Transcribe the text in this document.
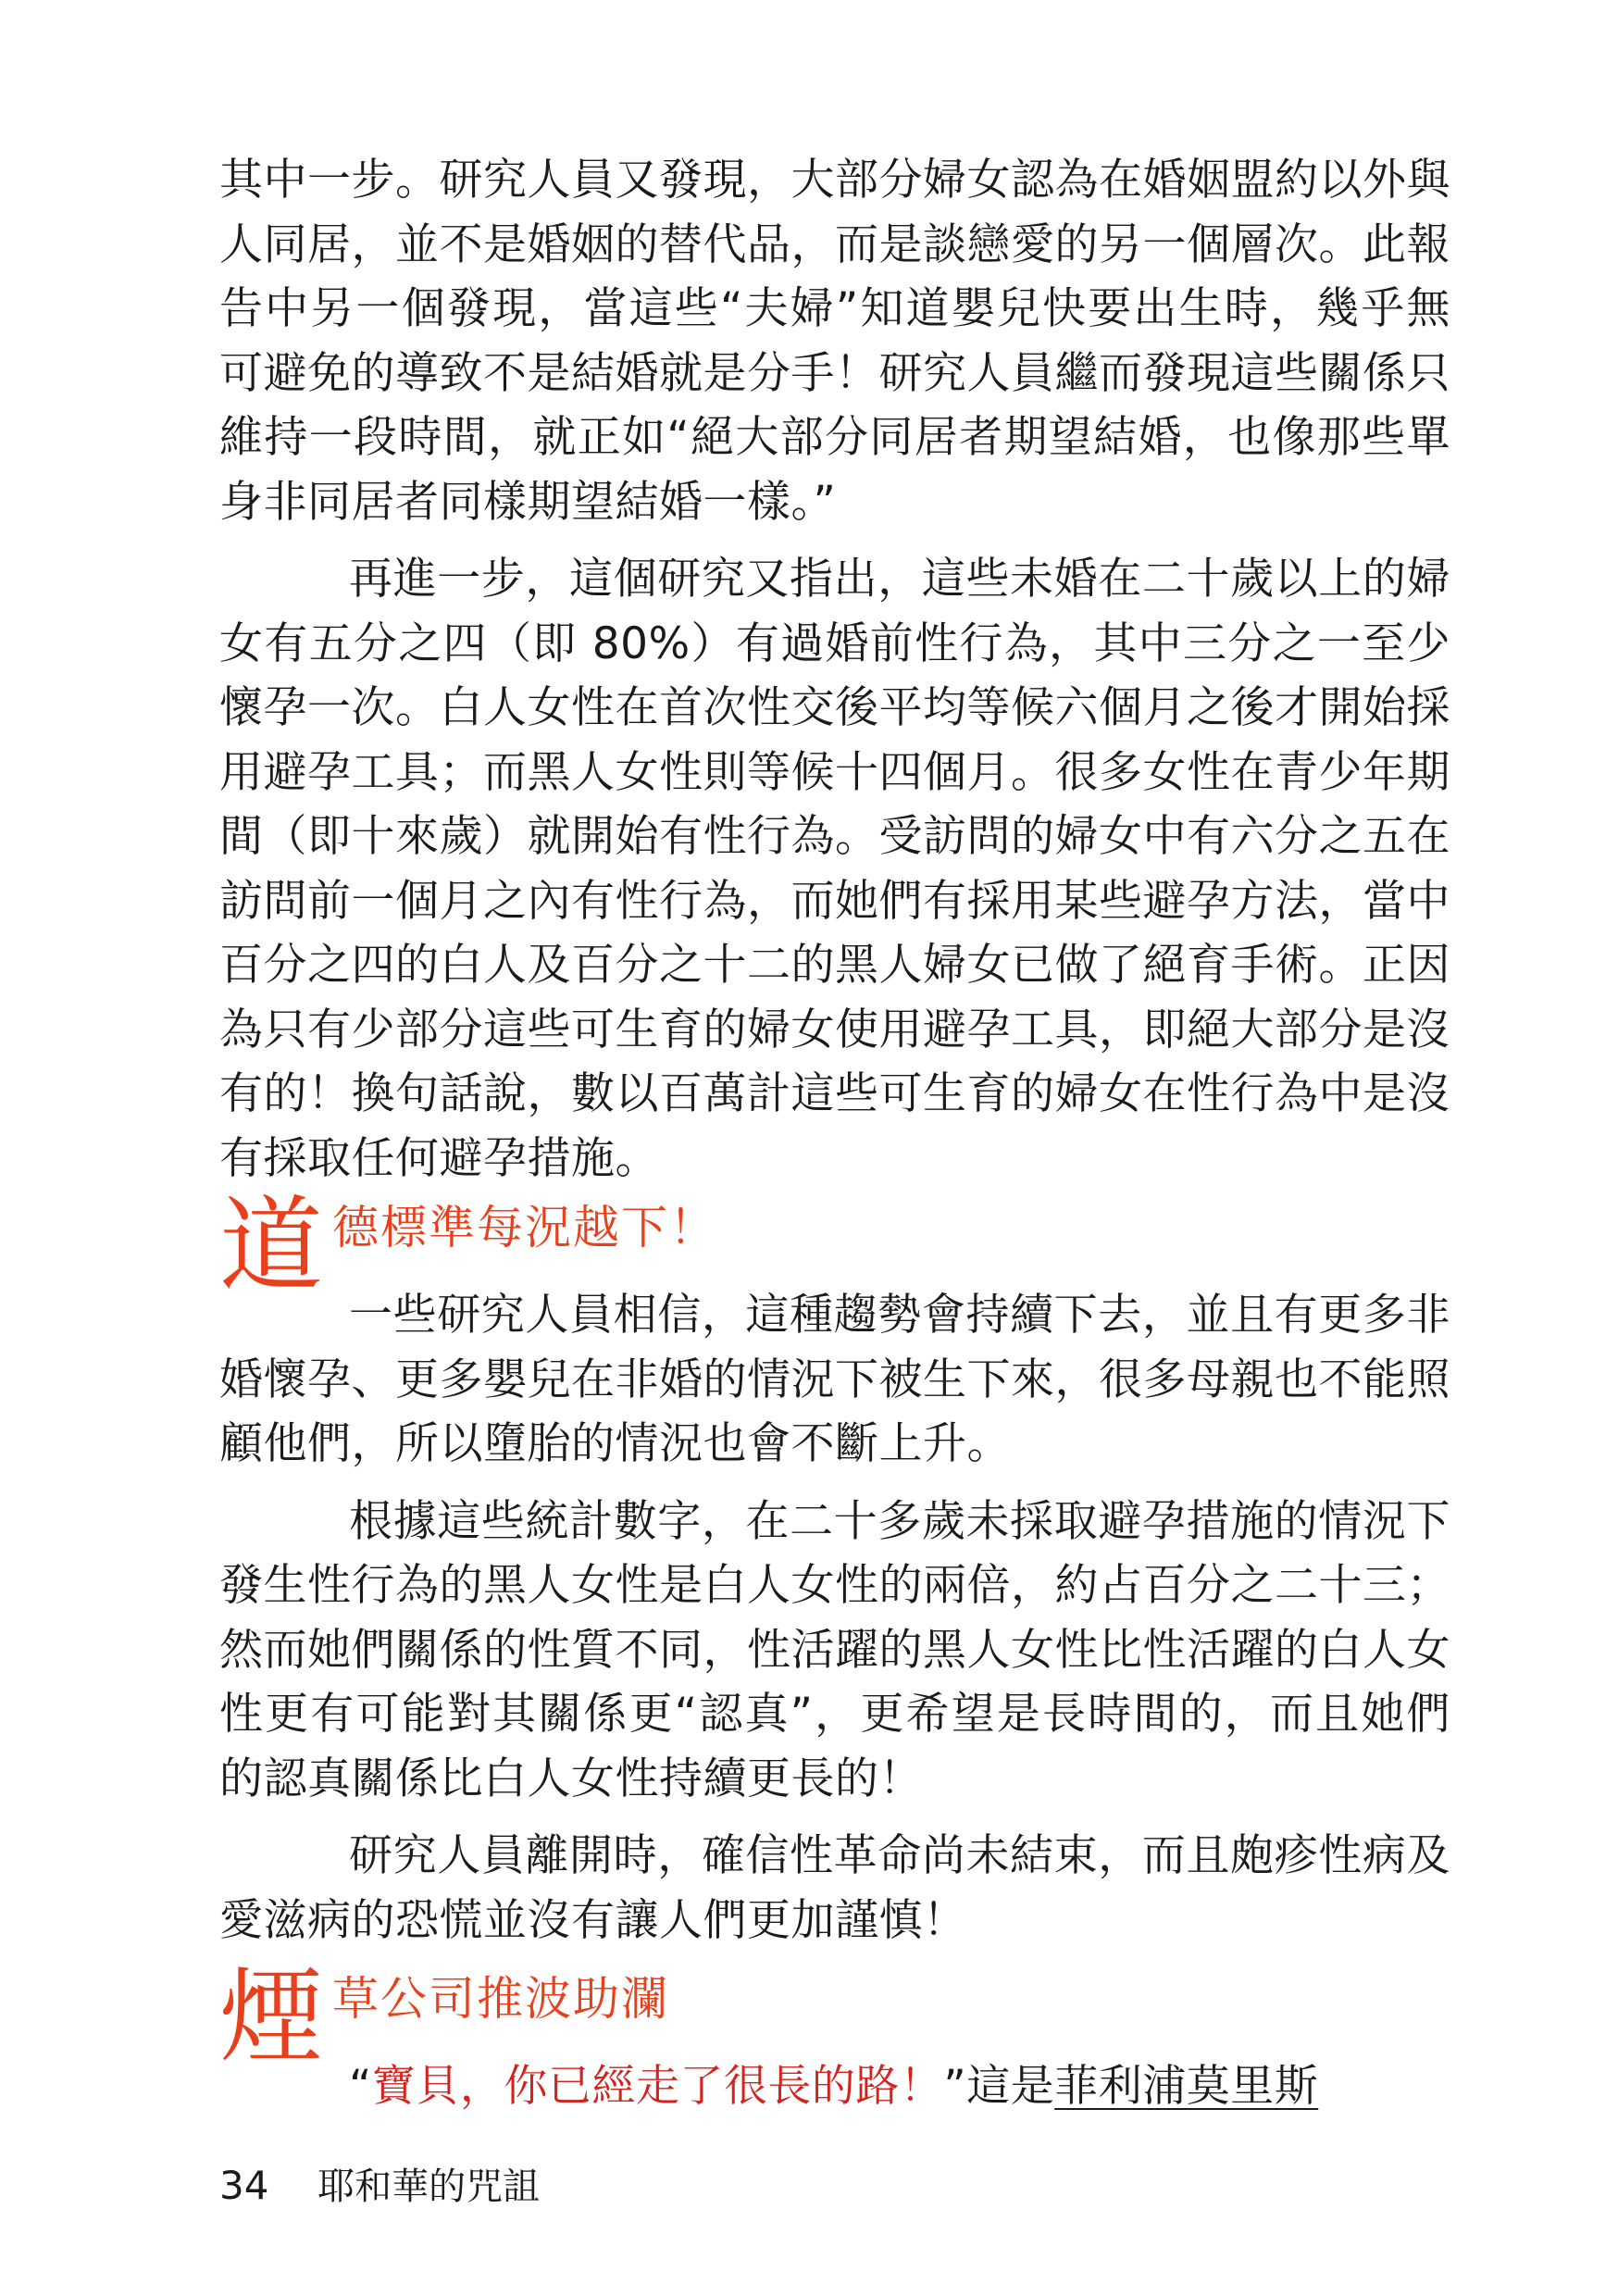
其中一步。研究人員又發現，大部分婦女認為在婚姻盟約以外與人同居，並不是婚姻的替代品，而是談戀愛的另一個層次。此報告中另一個發現，當這些“夫婦”知道嬰兒快要出生時，幾乎無可避免的導致不是結婚就是分手！研究人員繼而發現這些關係只維持一段時間，就正如“絕大部分同居者期望結婚，也像那些單身非同居者同樣期望結婚一樣。”

再進一步，這個研究又指出，這些未婚在二十歲以上的婦女有五分之四（即 80%）有過婚前性行為，其中三分之一至少懷孕一次。白人女性在首次性交後平均等候六個月之後才開始採用避孕工具；而黑人女性則等候十四個月。很多女性在青少年期間（即十來歲）就開始有性行為。受訪問的婦女中有六分之五在訪問前一個月之內有性行為，而她們有採用某些避孕方法，當中百分之四的白人及百分之十二的黑人婦女已做了絕育手術。正因為只有少部分這些可生育的婦女使用避孕工具，即絕大部分是沒有的！換句話說，數以百萬計這些可生育的婦女在性行為中是沒有採取任何避孕措施。

道 德標準每況越下！

一些研究人員相信，這種趨勢會持續下去，並且有更多非婚懷孕、更多嬰兒在非婚的情況下被生下來，很多母親也不能照顧他們，所以墮胎的情況也會不斷上升。

根據這些統計數字，在二十多歲未採取避孕措施的情況下發生性行為的黑人女性是白人女性的兩倍，約占百分之二十三；然而她們關係的性質不同，性活躍的黑人女性比性活躍的白人女性更有可能對其關係更“認真”，更希望是長時間的，而且她們的認真關係比白人女性持續更長的！

研究人員離開時，確信性革命尚未結束，而且皰疹性病及愛滋病的恐慌並沒有讓人們更加謹慎！

煙 草公司推波助瀾

“寶貝，你已經走了很長的路！”這是菲利浦莫里斯

34 耶和華的咒詛
